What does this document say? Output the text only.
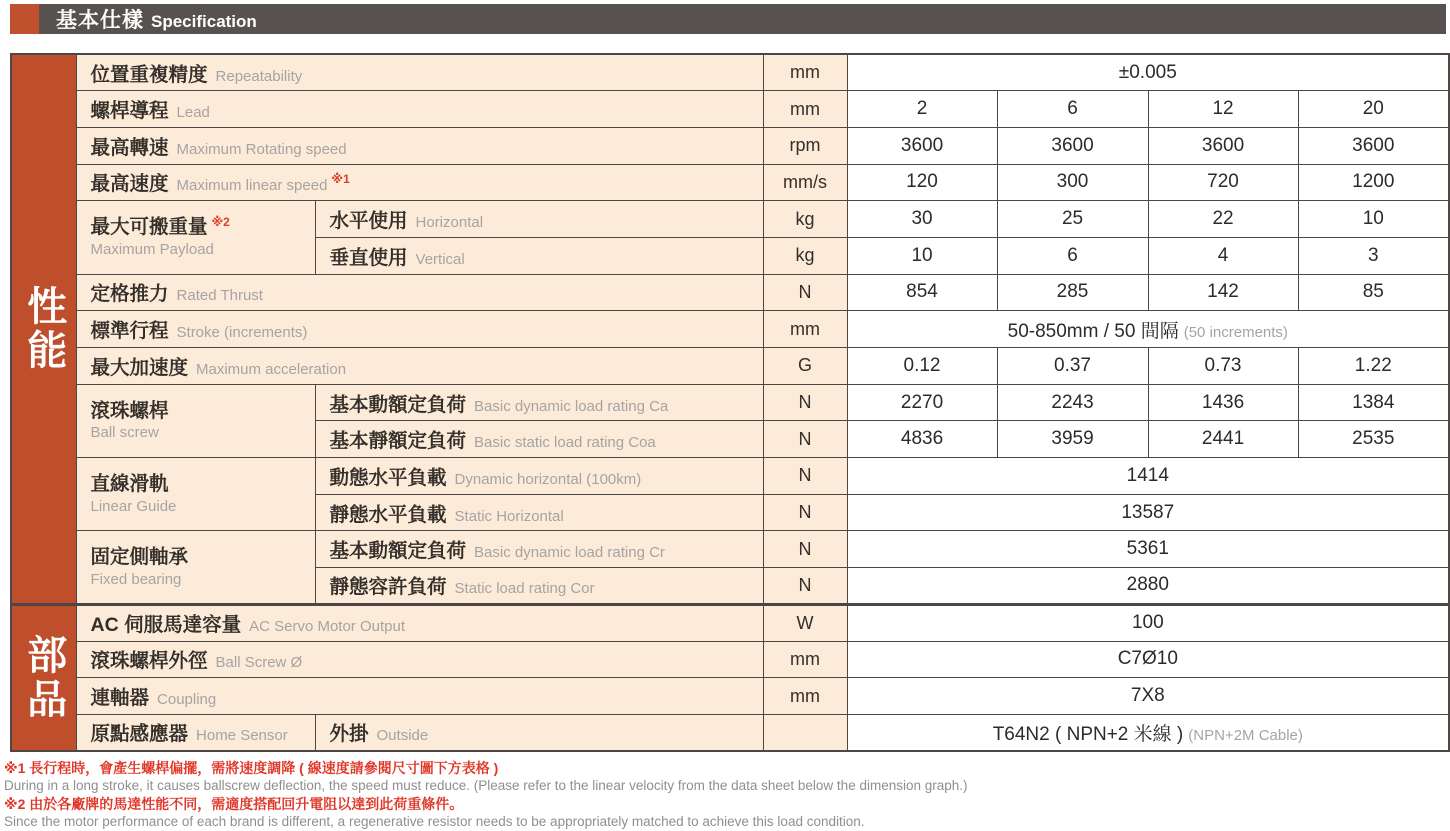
基本仕樣 Specification
性能	位置重複精度 Repeatability		mm	±0.005			
	螺桿導程 Lead		mm	2	6	12	20
	最高轉速 Maximum Rotating speed		rpm	3600	3600	3600	3600
	最高速度 Maximum linear speed $^{※1}$		mm/s	120	300	720	1200

	最大可搬重量 $^{※2}$
Maximum Payload	水平使用 Horizontal	kg	30	25	22	10
		垂直使用 Vertical	kg	10	6	4	3
	定格推力 Rated Thrust		N	854	285	142	85
	標準行程 Stroke (increments)		mm	50-850mm / 50 間隔 (50 increments)			
	最大加速度 Maximum acceleration		G	0.12	0.37	0.73	1.22

	滾珠螺桿
Ball screw	基本動額定負荷 Basic dynamic load rating Ca	N	2270	2243	1436	1384
		基本靜額定負荷 Basic static load rating Coa	N	4836	3959	2441	2535

	直線滑軌
Linear Guide	動態水平負載 Dynamic horizontal (100km)	N	1414			
		靜態水平負載 Static Horizontal	N	13587			

	固定側軸承
Fixed bearing	基本動額定負荷 Basic dynamic load rating Cr	N	5361			
		靜態容許負荷 Static load rating Cor	N	2880			

部品	AC 伺服馬達容量 AC Servo Motor Output		W	100			
	滾珠螺桿外徑 Ball Screw Ø		mm	C7Ø10			
	連軸器 Coupling		mm	7X8			
	原點感應器 Home Sensor	外掛 Outside		T64N2 ( NPN+2 米線 ) (NPN+2M Cable)			
※1 長行程時，會產生螺桿偏擺，需將速度調降 ( 線速度請參閱尺寸圖下方表格 )
During in a long stroke, it causes ballscrew deflection, the speed must reduce. (Please refer to the linear velocity from the data sheet below the dimension graph.)
※2 由於各廠牌的馬達性能不同，需適度搭配回升電阻以達到此荷重條件。
Since the motor performance of each brand is different, a regenerative resistor needs to be appropriately matched to achieve this load condition.
